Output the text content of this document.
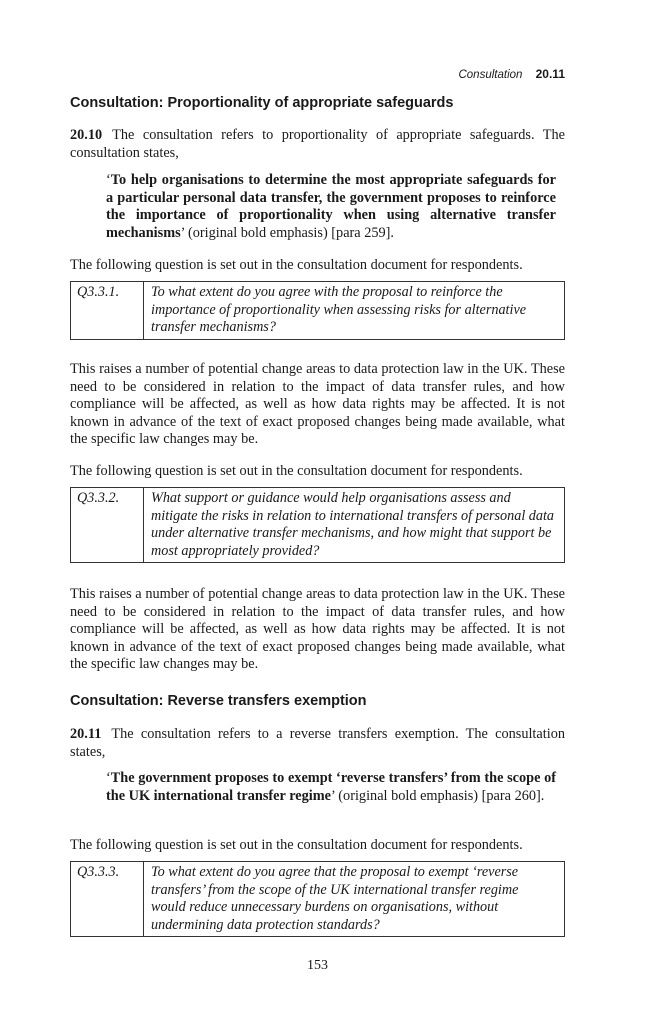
Consultation 20.11
Consultation: Proportionality of appropriate safeguards

20.10 The consultation refers to proportionality of appropriate safeguards. The consultation states,

‘To help organisations to determine the most appropriate safeguards for a particular personal data transfer, the government proposes to reinforce the importance of proportionality when using alternative transfer mechanisms’ (original bold emphasis) [para 259].

The following question is set out in the consultation document for respondents.

Q3.3.1.	To what extent do you agree with the proposal to reinforce the importance of proportionality when assessing risks for alternative transfer mechanisms?

This raises a number of potential change areas to data protection law in the UK. These need to be considered in relation to the impact of data transfer rules, and how compliance will be affected, as well as how data rights may be affected. It is not known in advance of the text of exact proposed changes being made available, what the specific law changes may be.

The following question is set out in the consultation document for respondents.

Q3.3.2.	What support or guidance would help organisations assess and mitigate the risks in relation to international transfers of personal data under alternative transfer mechanisms, and how might that support be most appropriately provided?

This raises a number of potential change areas to data protection law in the UK. These need to be considered in relation to the impact of data transfer rules, and how compliance will be affected, as well as how data rights may be affected. It is not known in advance of the text of exact proposed changes being made available, what the specific law changes may be.

Consultation: Reverse transfers exemption

20.11 The consultation refers to a reverse transfers exemption. The consultation states,

‘The government proposes to exempt ‘reverse transfers’ from the scope of the UK international transfer regime’ (original bold emphasis) [para 260].

The following question is set out in the consultation document for respondents.

Q3.3.3.	To what extent do you agree that the proposal to exempt ‘reverse transfers’ from the scope of the UK international transfer regime would reduce unnecessary burdens on organisations, without undermining data protection standards?
153
